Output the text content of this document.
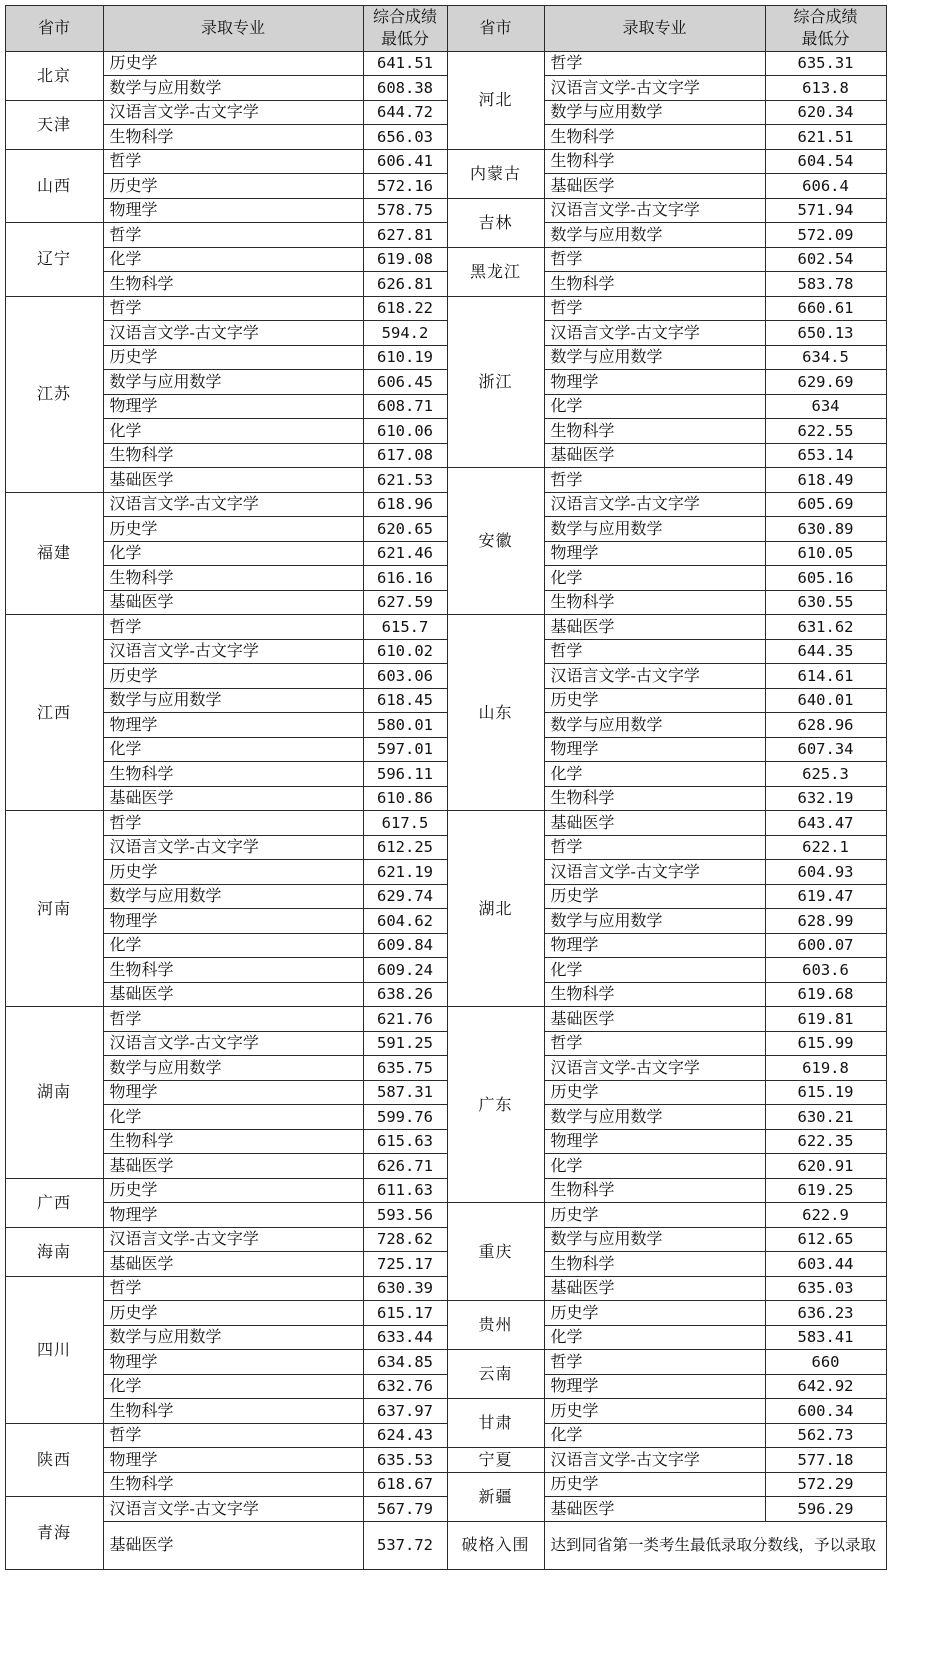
省市	录取专业
综合成绩
最低分
北京
历史学	641.51
数学与应用数学	608.38
天津
汉语言文学-古文字学	644.72
生物科学	656.03
山西
哲学	606.41
历史学	572.16
物理学	578.75
辽宁
哲学	627.81
化学	619.08
生物科学	626.81
江苏
哲学	618.22
汉语言文学-古文字学	594.2
历史学	610.19
数学与应用数学	606.45
物理学	608.71
化学	610.06
生物科学	617.08
基础医学	621.53
福建
汉语言文学-古文字学	618.96
历史学	620.65
化学	621.46
生物科学	616.16
基础医学	627.59
江西
哲学	615.7
汉语言文学-古文字学	610.02
历史学	603.06
数学与应用数学	618.45
物理学	580.01
化学	597.01
生物科学	596.11
基础医学	610.86
河南
哲学	617.5
汉语言文学-古文字学	612.25
历史学	621.19
数学与应用数学	629.74
物理学	604.62
化学	609.84
生物科学	609.24
基础医学	638.26
湖南
哲学	621.76
汉语言文学-古文字学	591.25
数学与应用数学	635.75
物理学	587.31
化学	599.76
生物科学	615.63
基础医学	626.71
广西
历史学	611.63
物理学	593.56
海南
汉语言文学-古文字学	728.62
基础医学	725.17
四川
哲学	630.39
历史学	615.17
数学与应用数学	633.44
物理学	634.85
化学	632.76
生物科学	637.97
陕西
哲学	624.43
物理学	635.53
生物科学	618.67
青海
汉语言文学-古文字学	567.79
基础医学	537.72
省市	录取专业
综合成绩
最低分
河北
哲学	635.31
汉语言文学-古文字学	613.8
数学与应用数学	620.34
生物科学	621.51
内蒙古
生物科学	604.54
基础医学	606.4
吉林
汉语言文学-古文字学	571.94
数学与应用数学	572.09
黑龙江
哲学	602.54
生物科学	583.78
浙江
哲学	660.61
汉语言文学-古文字学	650.13
数学与应用数学	634.5
物理学	629.69
化学	634
生物科学	622.55
基础医学	653.14
安徽
哲学	618.49
汉语言文学-古文字学	605.69
数学与应用数学	630.89
物理学	610.05
化学	605.16
生物科学	630.55
山东
基础医学	631.62
哲学	644.35
汉语言文学-古文字学	614.61
历史学	640.01
数学与应用数学	628.96
物理学	607.34
化学	625.3
生物科学	632.19
湖北
基础医学	643.47
哲学	622.1
汉语言文学-古文字学	604.93
历史学	619.47
数学与应用数学	628.99
物理学	600.07
化学	603.6
生物科学	619.68
广东
基础医学	619.81
哲学	615.99
汉语言文学-古文字学	619.8
历史学	615.19
数学与应用数学	630.21
物理学	622.35
化学	620.91
生物科学	619.25
重庆
历史学	622.9
数学与应用数学	612.65
生物科学	603.44
基础医学	635.03
贵州
历史学	636.23
化学	583.41
云南
哲学	660
物理学	642.92
甘肃
历史学	600.34
化学	562.73
宁夏	汉语言文学-古文字学	577.18
新疆
历史学	572.29
基础医学	596.29
破格入围	达到同省第一类考生最低录取分数线，予以录取
